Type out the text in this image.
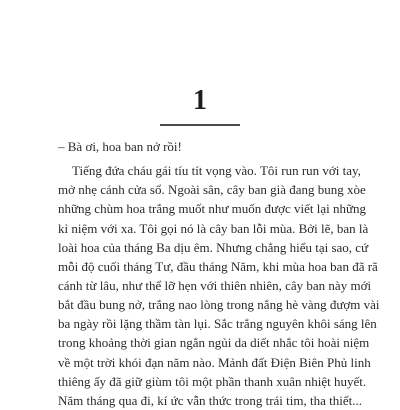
1
– Bà ơi, hoa ban nở rồi!
Tiếng đứa cháu gái tíu tít vọng vào. Tôi run run với tay,
mở nhẹ cánh cửa sổ. Ngoài sân, cây ban già đang bung xòe
những chùm hoa trắng muốt như muốn được viết lại những
kỉ niệm với xa. Tôi gọi nó là cây ban lỗi mùa. Bởi lẽ, ban là
loài hoa của tháng Ba dịu êm. Nhưng chẳng hiểu tại sao, cứ
mỗi độ cuối tháng Tư, đầu tháng Năm, khi mùa hoa ban đã rã
cánh từ lâu, như thể lỡ hẹn với thiên nhiên, cây ban này mới
bắt đầu bung nở, trắng nao lòng trong nắng hè vàng đượm vài
ba ngày rồi lặng thầm tàn lụi. Sắc trắng nguyên khôi sáng lên
trong khoảng thời gian ngắn ngủi da diết nhắc tôi hoài niệm
về một trời khói đạn năm nào. Mảnh đất Điện Biên Phủ linh
thiêng ấy đã giữ giùm tôi một phần thanh xuân nhiệt huyết.
Năm tháng qua đi, kí ức vẫn thức trong trái tim, tha thiết...
